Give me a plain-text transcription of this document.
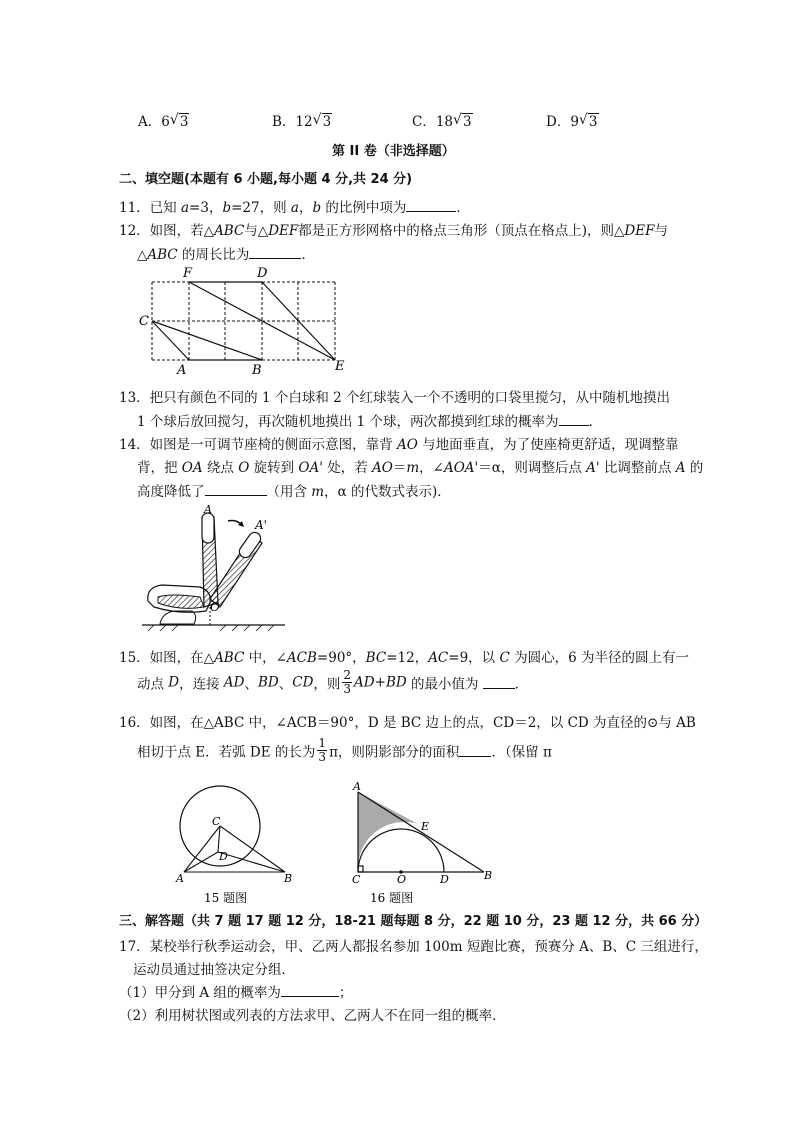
A．6 √ 3	B．12 √ 3	C．18 √ 3	D．9 √ 3
第 II 卷（非选择题）
二、填空题(本题有 6 小题,每小题 4 分,共 24 分)
11．已知 a=3，b=27，则 a，b 的比例中项为	．
12．如图，若△ABC与△DEF都是正方形网格中的格点三角形（顶点在格点上)，则△DEF与
△ABC 的周长比为	．
F	D
C
A	B	E
13．把只有颜色不同的 1 个白球和 2 个红球装入一个不透明的口袋里搅匀，从中随机地摸出
1 个球后放回搅匀，再次随机地摸出 1 个球，两次都摸到红球的概率为 ．
14．如图是一可调节座椅的侧面示意图，靠背 AO 与地面垂直，为了使座椅更舒适，现调整靠
背，把 OA 绕点 O 旋转到 OA' 处，若 AO＝m，∠AOA'＝α，则调整后点 A' 比调整前点 A 的
高度降低了	（用含 m，α 的代数式表示)．
A
A'
O
15．如图，在△ABC 中，∠ACB=90°，BC=12，AC=9，以 C 为圆心，6 为半径的圆上有一
动点 D，连接 AD、BD、CD，则 $\frac{2}{3} AD+BD$ 的最小值为 ．
16．如图，在△ABC 中，∠ACB＝90°，D 是 BC 边上的点，CD＝2，以 CD 为直径的⊙与 AB
相切于点 E．若弧 DE 的长为 $\frac{1}{3}$ π，则阴影部分的面积 ．（保留 π
C
D
A	B
15 题图
A
E
C	O	D	B
16 题图
三、解答题（共 7 题 17 题 12 分，18-21 题每题 8 分，22 题 10 分，23 题 12 分，共 66 分）
17．某校举行秋季运动会，甲、乙两人都报名参加 100m 短跑比赛，预赛分 A、B、C 三组进行，
运动员通过抽签决定分组．
（1）甲分到 A 组的概率为	；
（2）利用树状图或列表的方法求甲、乙两人不在同一组的概率．
